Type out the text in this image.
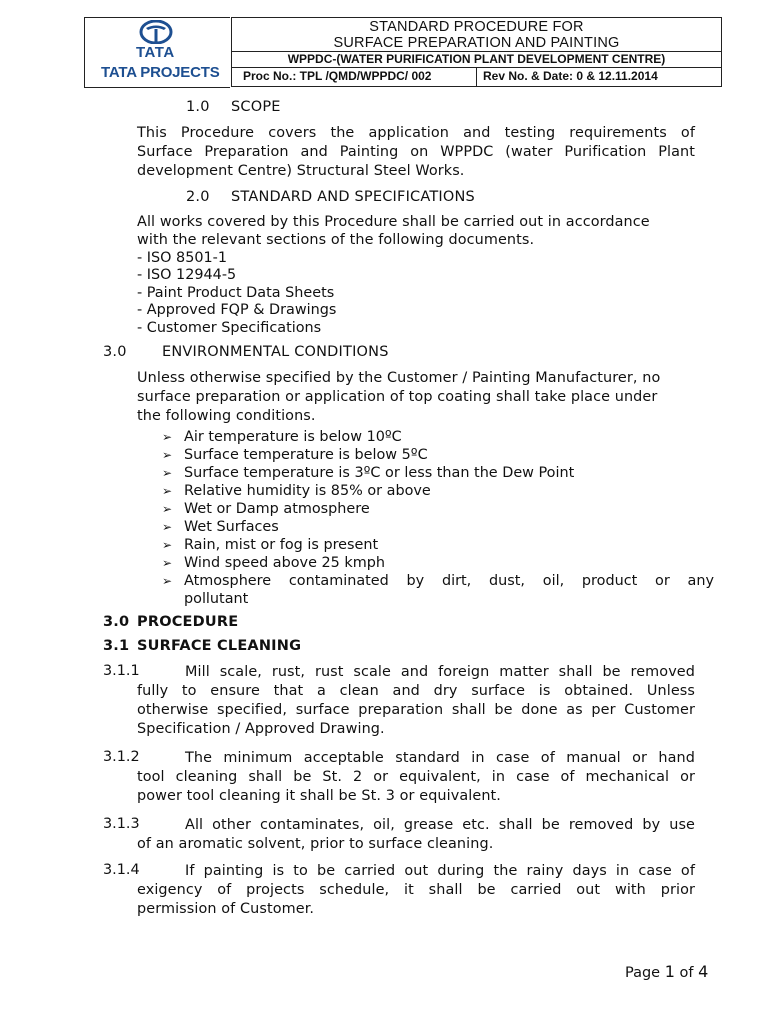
TATA
TATA PROJECTS
STANDARD PROCEDURE FOR
SURFACE PREPARATION AND PAINTING
WPPDC-(WATER PURIFICATION PLANT DEVELOPMENT CENTRE)
Proc No.: TPL /QMD/WPPDC/ 002	Rev No. & Date: 0 & 12.11.2014
1.0 SCOPE
This Procedure covers the application and testing requirements of
Surface Preparation and Painting on WPPDC (water Purification Plant
development Centre) Structural Steel Works.
2.0 STANDARD AND SPECIFICATIONS
All works covered by this Procedure shall be carried out in accordance
with the relevant sections of the following documents.
- ISO 8501-1
- ISO 12944-5
- Paint Product Data Sheets
- Approved FQP & Drawings
- Customer Specifications
3.0 ENVIRONMENTAL CONDITIONS
Unless otherwise specified by the Customer / Painting Manufacturer, no
surface preparation or application of top coating shall take place under
the following conditions.
➢ Air temperature is below 10ºC
➢ Surface temperature is below 5ºC
➢ Surface temperature is 3ºC or less than the Dew Point
➢ Relative humidity is 85% or above
➢ Wet or Damp atmosphere
➢ Wet Surfaces
➢ Rain, mist or fog is present
➢ Wind speed above 25 kmph
➢ Atmosphere contaminated by dirt, dust, oil, product or any
pollutant
3.0 PROCEDURE
3.1 SURFACE CLEANING
3.1.1	Mill scale, rust, rust scale and foreign matter shall be removed
fully to ensure that a clean and dry surface is obtained. Unless
otherwise specified, surface preparation shall be done as per Customer
Specification / Approved Drawing.
3.1.2	The minimum acceptable standard in case of manual or hand
tool cleaning shall be St. 2 or equivalent, in case of mechanical or
power tool cleaning it shall be St. 3 or equivalent.
3.1.3	All other contaminates, oil, grease etc. shall be removed by use
of an aromatic solvent, prior to surface cleaning.
3.1.4	If painting is to be carried out during the rainy days in case of
exigency of projects schedule, it shall be carried out with prior
permission of Customer.
Page 1 of 4
